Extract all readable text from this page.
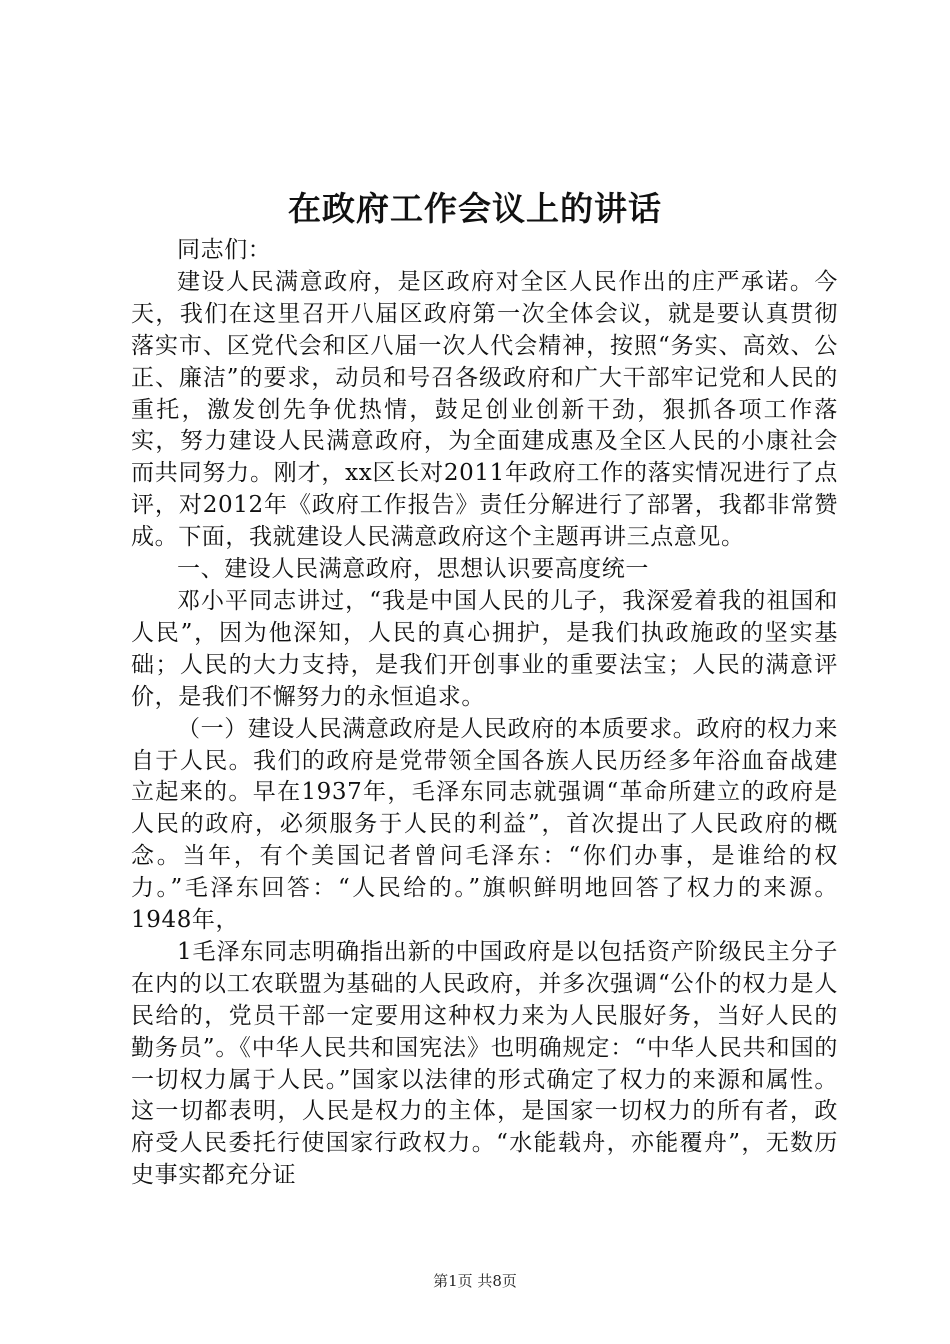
在政府工作会议上的讲话

同志们：

建设人民满意政府，是区政府对全区人民作出的庄严承诺。今天，我们在这里召开八届区政府第一次全体会议，就是要认真贯彻落实市、区党代会和区八届一次人代会精神，按照“务实、高效、公正、廉洁”的要求，动员和号召各级政府和广大干部牢记党和人民的重托，激发创先争优热情，鼓足创业创新干劲，狠抓各项工作落实，努力建设人民满意政府，为全面建成惠及全区人民的小康社会而共同努力。刚才，xx区长对2011年政府工作的落实情况进行了点评，对2012年《政府工作报告》责任分解进行了部署，我都非常赞成。下面，我就建设人民满意政府这个主题再讲三点意见。

一、建设人民满意政府，思想认识要高度统一

邓小平同志讲过，“我是中国人民的儿子，我深爱着我的祖国和人民”，因为他深知，人民的真心拥护，是我们执政施政的坚实基础；人民的大力支持，是我们开创事业的重要法宝；人民的满意评价，是我们不懈努力的永恒追求。

（一）建设人民满意政府是人民政府的本质要求。政府的权力来自于人民。我们的政府是党带领全国各族人民历经多年浴血奋战建立起来的。早在1937年，毛泽东同志就强调“革命所建立的政府是人民的政府，必须服务于人民的利益”，首次提出了人民政府的概念。当年，有个美国记者曾问毛泽东：“你们办事，是谁给的权力。”毛泽东回答：“人民给的。”旗帜鲜明地回答了权力的来源。1948年，

1毛泽东同志明确指出新的中国政府是以包括资产阶级民主分子在内的以工农联盟为基础的人民政府，并多次强调“公仆的权力是人民给的，党员干部一定要用这种权力来为人民服好务，当好人民的勤务员”。《中华人民共和国宪法》也明确规定：“中华人民共和国的一切权力属于人民。”国家以法律的形式确定了权力的来源和属性。这一切都表明，人民是权力的主体，是国家一切权力的所有者，政府受人民委托行使国家行政权力。“水能载舟，亦能覆舟”，无数历史事实都充分证

第1页 共8页
